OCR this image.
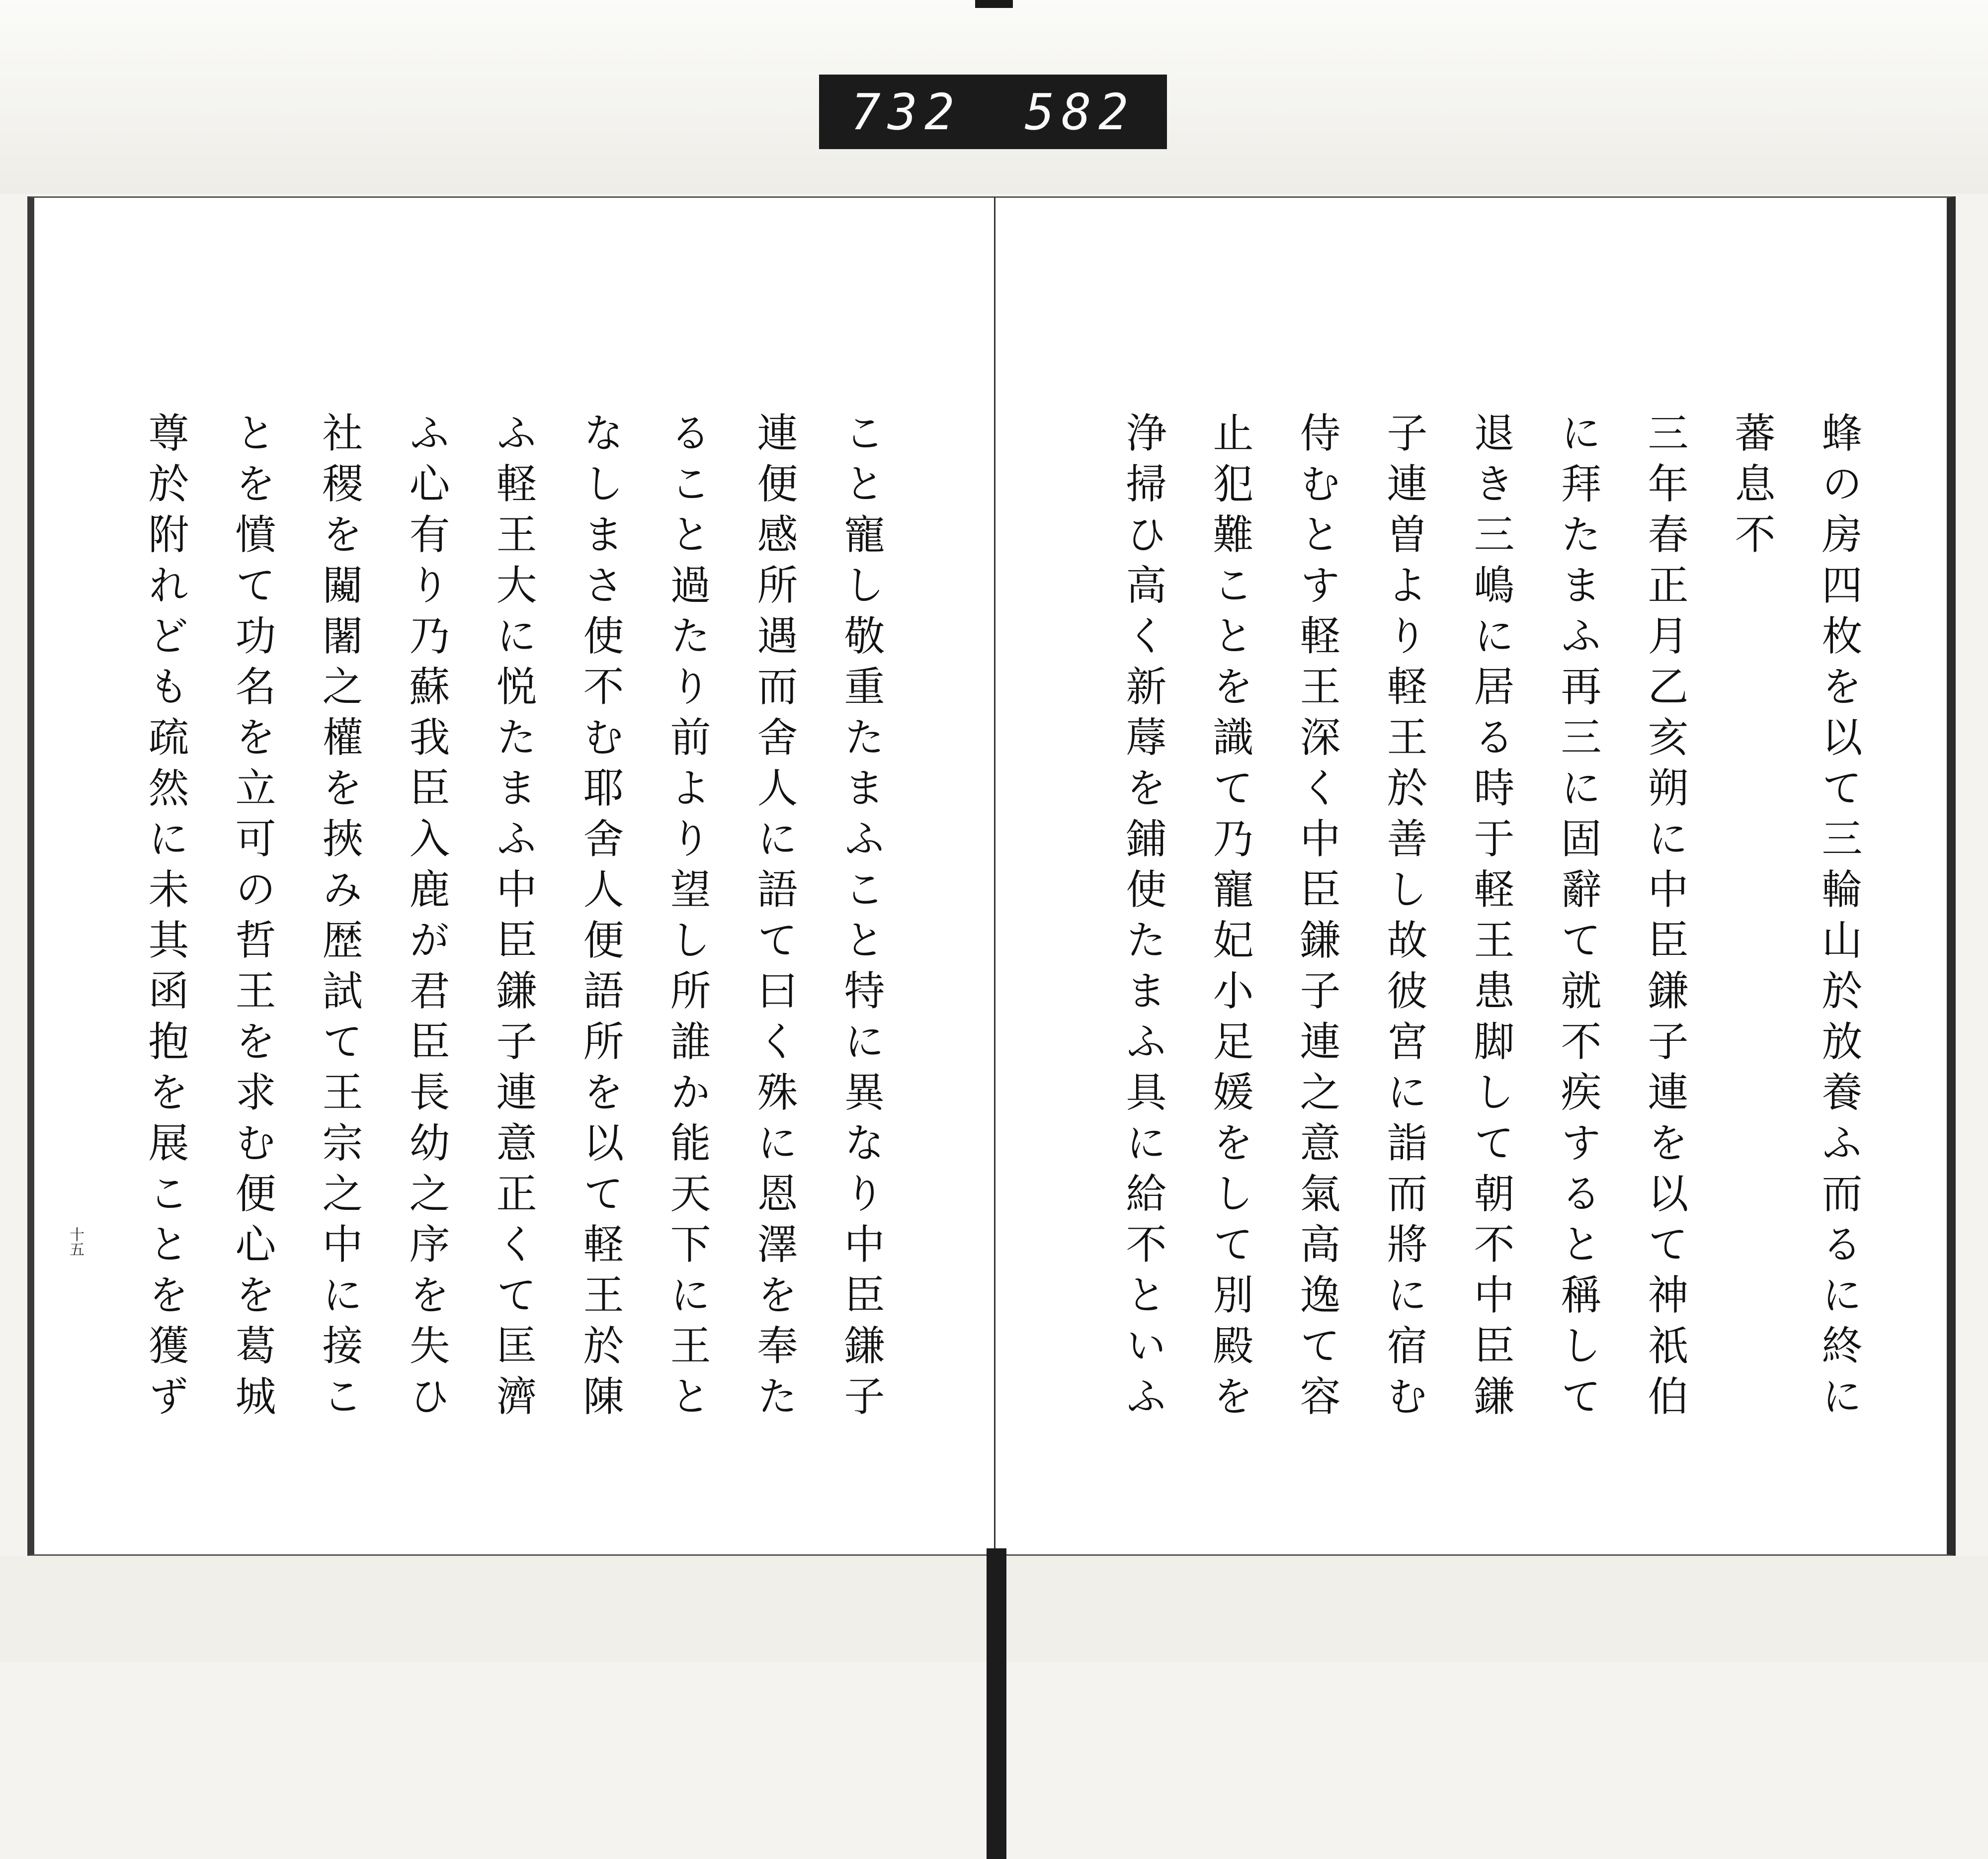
732 582
十五	こと寵し敬重たまふこと特に異なり中臣鎌子
連便感所遇而舍人に語て曰く殊に恩澤を奉た
ること過たり前より望し所誰か能天下に王と
なしまさ使不む耶舍人便語所を以て軽王於陳
ふ軽王大に悦たまふ中臣鎌子連意正くて匡濟
ふ心有り乃蘇我臣入鹿が君臣長幼之序を失ひ
社稷を闚闍之權を挾み歴試て王宗之中に接こ
とを憤て功名を立可の哲王を求む便心を葛城
尊於附れども疏然に未其函抱を展ことを獲ず	蜂の房四枚を以て三輪山於放養ふ而るに終に
蕃息不
三年春正月乙亥朔に中臣鎌子連を以て神祇伯
に拜たまふ再三に固辭て就不疾すると稱して
退き三嶋に居る時于軽王患脚して朝不中臣鎌
子連曽より軽王於善し故彼宮に詣而將に宿む
侍むとす軽王深く中臣鎌子連之意氣高逸て容
止犯難ことを識て乃寵妃小足媛をして別殿を
浄掃ひ高く新蓐を鋪使たまふ具に給不といふ
